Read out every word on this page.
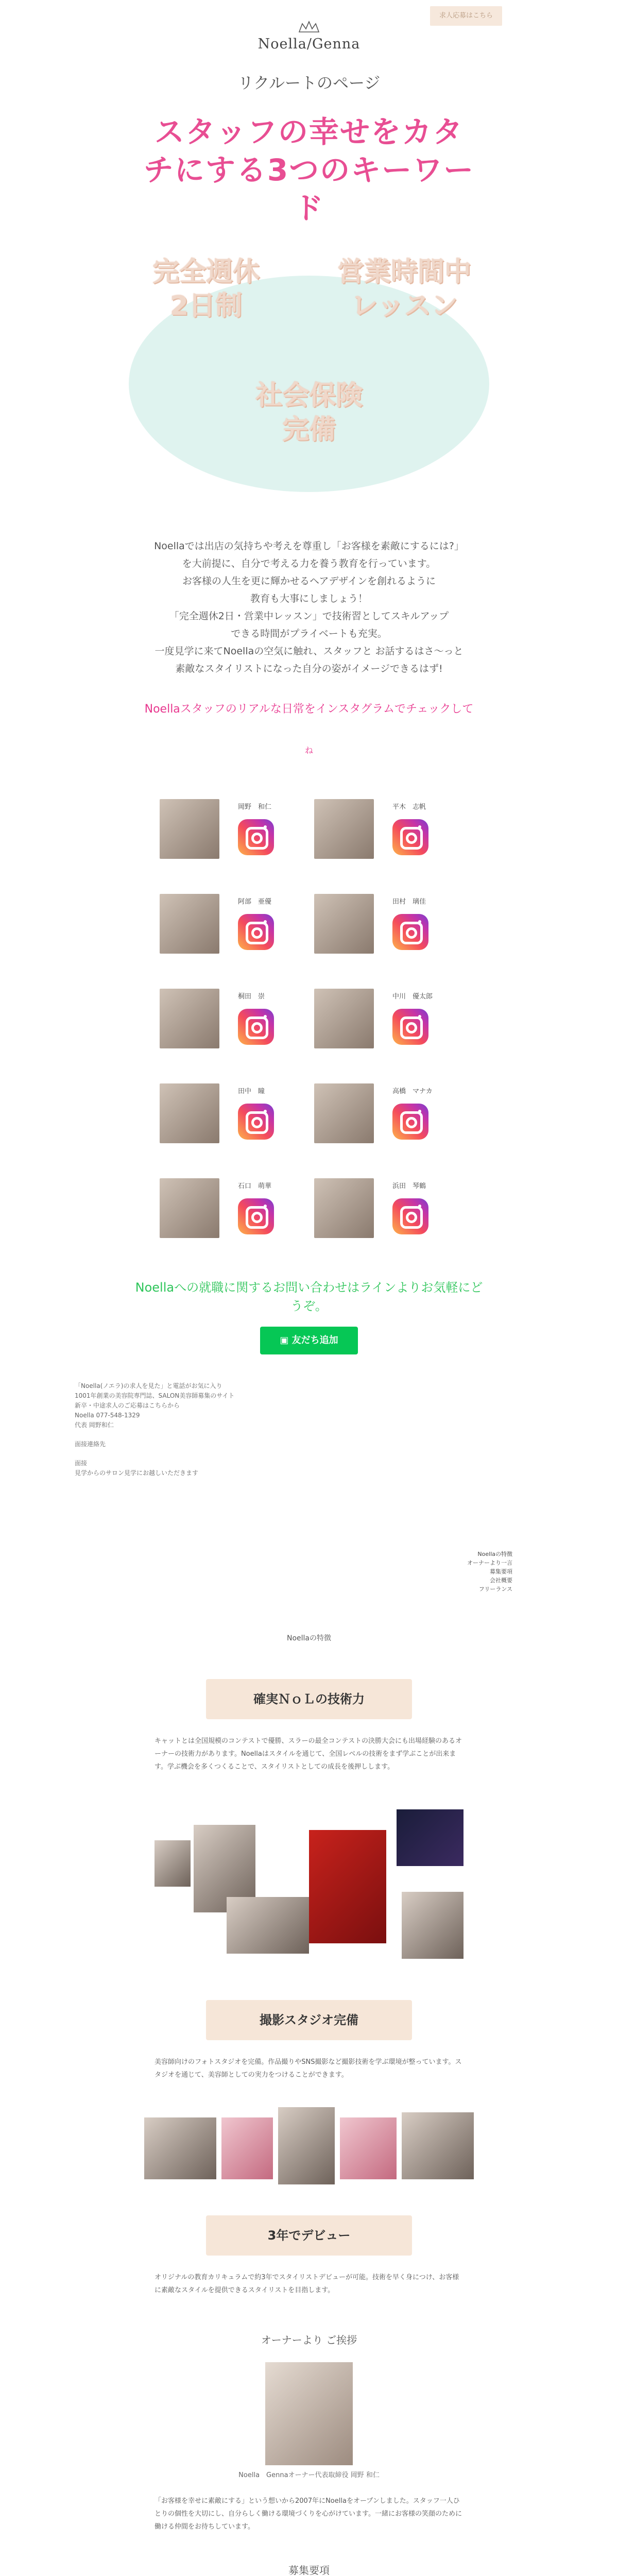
求人応募はこちら
Noella/Genna
リクルートのページ
スタッフの幸せをカタ
チにする3つのキーワー
ド
完全週休
2日制
営業時間中
レッスン
社会保険
完備
Noellaでは出店の気持ちや考えを尊重し「お客様を素敵にするには?」
を大前提に、自分で考える力を養う教育を行っています。
お客様の人生を更に輝かせるヘアデザインを創れるように
教育も大事にしましょう！
「完全週休2日・営業中レッスン」で技術習としてスキルアップ
できる時間がプライベートも充実。
一度見学に来てNoellaの空気に触れ、スタッフと お話するはさ〜っと
素敵なスタイリストになった自分の姿がイメージできるはず!
Noellaスタッフのリアルな日常をインスタグラムでチェックして
ね
岡野　和仁	平木　志帆
阿部　亜優	田村　璃佳
桐田　崇	中川　優太郎
田中　瞳	高橋　マナカ
石口　萌華	浜田　琴鶴
Noellaへの就職に関するお問い合わせはラインよりお気軽にど
うぞ。
▣ 友だち追加

「Noella(ノエラ)の求人を見た」と電話がお気に入り

1001年創業の美容院専門誌、SALON美容師募集のサイト

新卒・中途求人のご応募はこちらから

Noella 077-548-1329

代表 岡野和仁

面接連絡先

面接

見学からのサロン見学にお越しいただきます

Noellaの特徴
Noellaの特徴
オーナーより一言
募集要項
会社概要
フリーランス
確実ＮｏＬの技術力
キャットとは全国規模のコンテストで優勝、スラーの最全コンテストの決勝大会にも出場経験のあるオーナーの技術力があります。Noellaはスタイルを通じて、全国レベルの技術をまず学ぶことが出来ます。学ぶ機会を多くつくることで、スタイリストとしての成長を後押しします。
撮影スタジオ完備
美容師向けのフォトスタジオを完備。作品撮りやSNS撮影など撮影技術を学ぶ環境が整っています。スタジオを通じて、美容師としての実力をつけることができます。
3年でデビュー
オリジナルの教育カリキュラムで約3年でスタイリストデビューが可能。技術を早く身につけ、お客様に素敵なスタイルを提供できるスタイリストを目指します。
オーナーより ご挨拶
Noella　Gennaオーナー代表取締役 岡野 和仁
「お客様を幸せに素敵にする」という想いから2007年にNoellaをオープンしました。スタッフ一人ひとりの個性を大切にし、自分らしく働ける環境づくりを心がけています。一緒にお客様の笑顔のために働ける仲間をお待ちしています。
募集要項
